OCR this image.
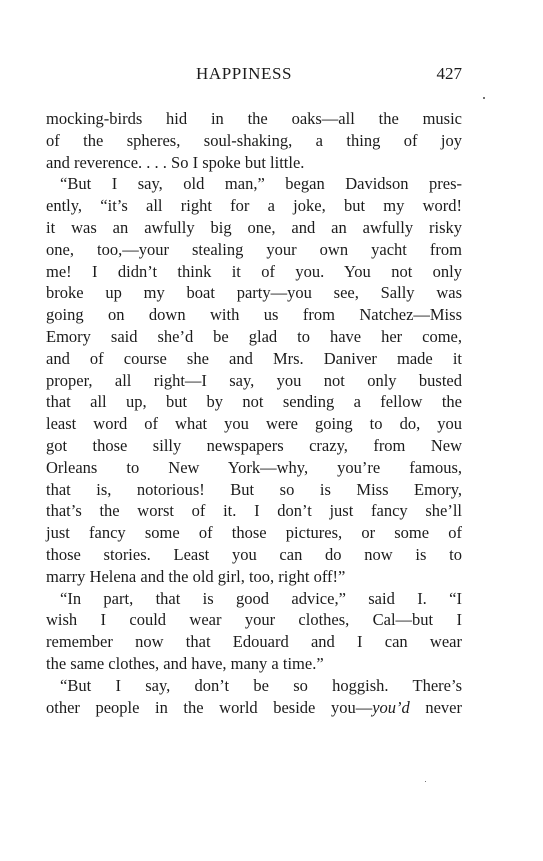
HAPPINESS	427
mocking-birds hid in the oaks—all the music
of the spheres, soul-shaking, a thing of joy
and reverence. . . . So I spoke but little.
“But I say, old man,” began Davidson pres-
ently, “it’s all right for a joke, but my word!
it was an awfully big one, and an awfully risky
one, too,—your stealing your own yacht from
me! I didn’t think it of you. You not only
broke up my boat party—you see, Sally was
going on down with us from Natchez—Miss
Emory said she’d be glad to have her come,
and of course she and Mrs. Daniver made it
proper, all right—I say, you not only busted
that all up, but by not sending a fellow the
least word of what you were going to do, you
got those silly newspapers crazy, from New
Orleans to New York—why, you’re famous,
that is, notorious! But so is Miss Emory,
that’s the worst of it. I don’t just fancy she’ll
just fancy some of those pictures, or some of
those stories. Least you can do now is to
marry Helena and the old girl, too, right off!”
“In part, that is good advice,” said I. “I
wish I could wear your clothes, Cal—but I
remember now that Edouard and I can wear
the same clothes, and have, many a time.”
“But I say, don’t be so hoggish. There’s
other people in the world beside you—you’d never
